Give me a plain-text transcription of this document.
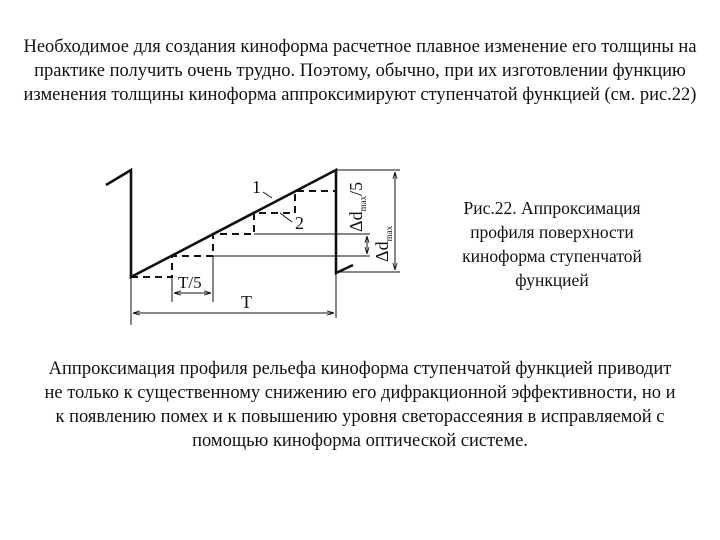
Необходимое для создания киноформа расчетное плавное изменение его толщины на практике получить очень трудно. Поэтому, обычно, при их изготовлении функцию изменения толщины киноформа аппроксимируют ступенчатой функцией (см. рис.22)
1
2
T/5
T
$\Delta d_{max}/5$
$\Delta d_{max}$
Рис.22. Аппроксимация профиля поверхности киноформа ступенчатой функцией
Аппроксимация профиля рельефа киноформа ступенчатой функцией приводит не только к существенному снижению его дифракционной эффективности, но и к появлению помех и к повышению уровня светорассеяния в исправляемой с помощью киноформа оптической системе.
